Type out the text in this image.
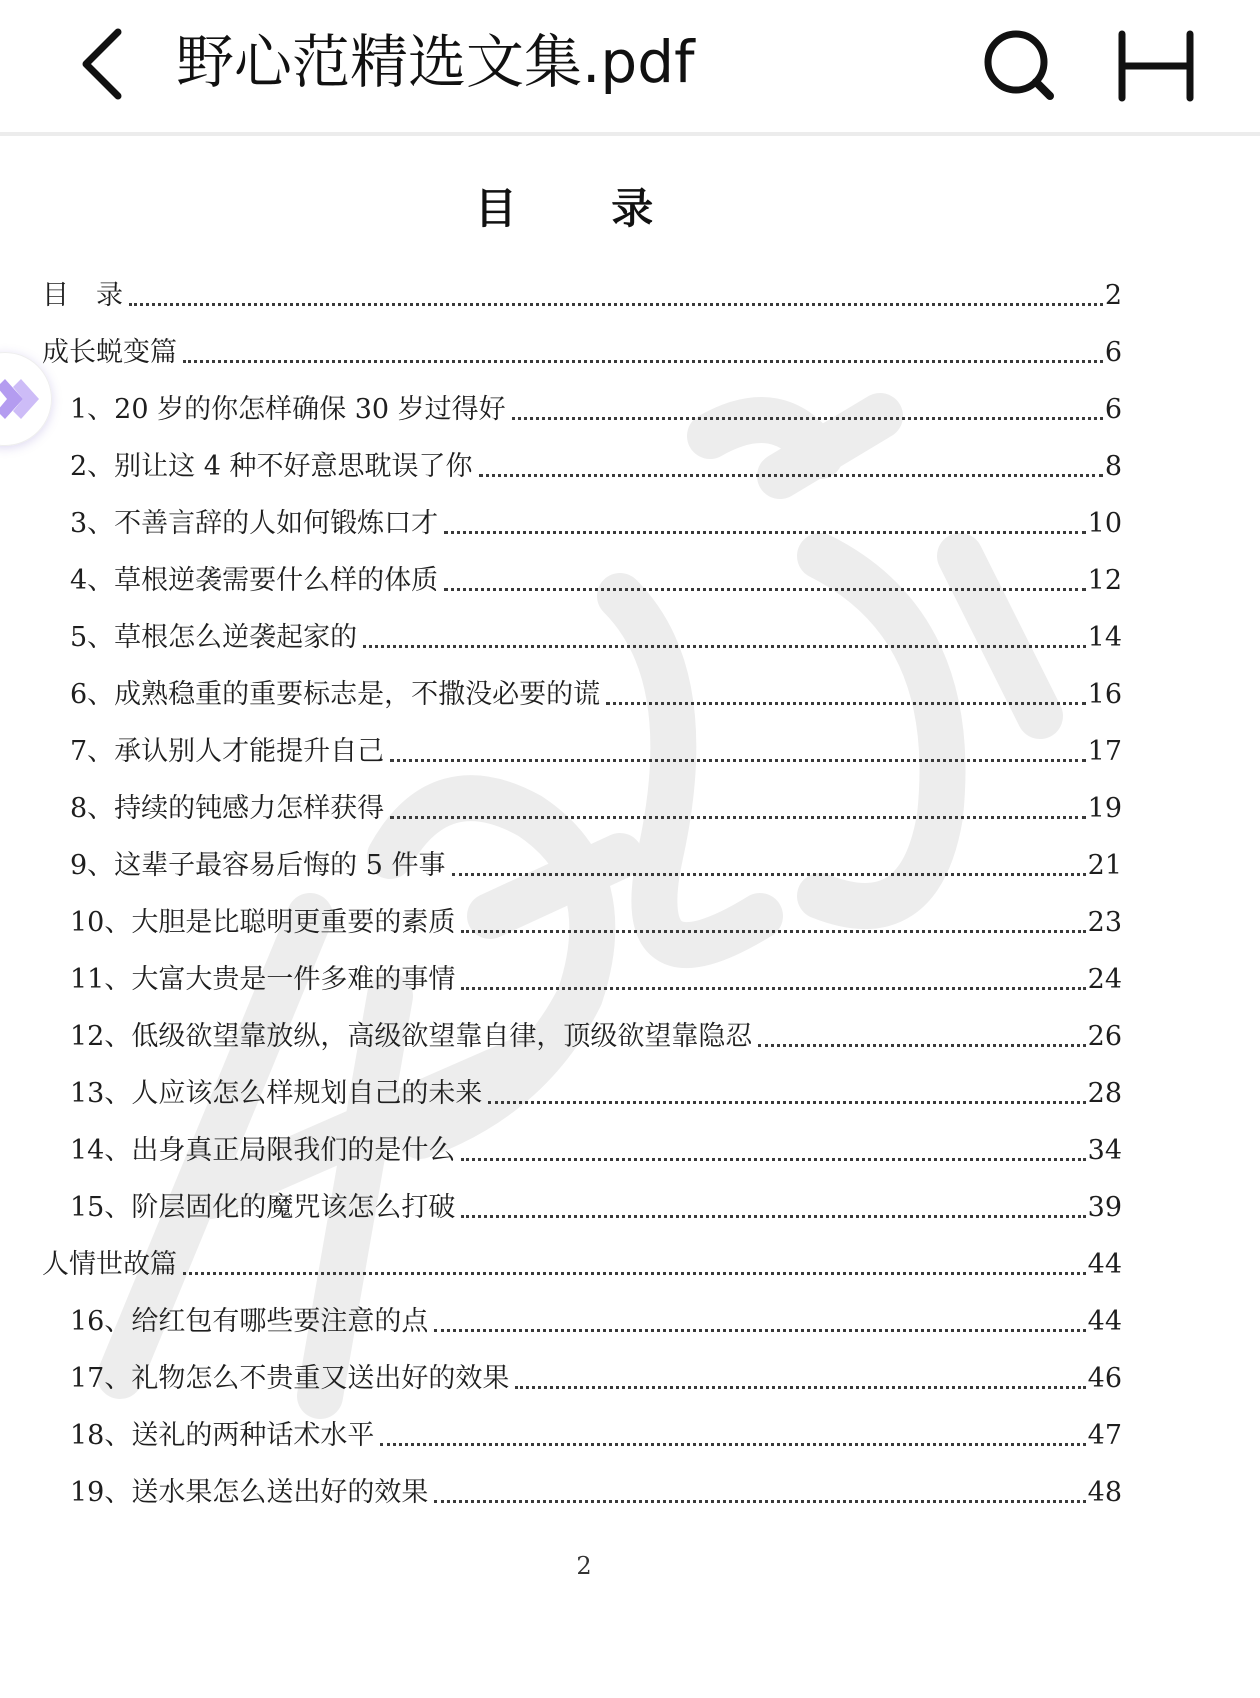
野心范精选文集.pdf
目 录
目　录	2
成长蜕变篇	6
1、20 岁的你怎样确保 30 岁过得好	6
2、别让这 4 种不好意思耽误了你	8
3、不善言辞的人如何锻炼口才	10
4、草根逆袭需要什么样的体质	12
5、草根怎么逆袭起家的	14
6、成熟稳重的重要标志是，不撒没必要的谎	16
7、承认别人才能提升自己	17
8、持续的钝感力怎样获得	19
9、这辈子最容易后悔的 5 件事	21
10、大胆是比聪明更重要的素质	23
11、大富大贵是一件多难的事情	24
12、低级欲望靠放纵，高级欲望靠自律，顶级欲望靠隐忍	26
13、人应该怎么样规划自己的未来	28
14、出身真正局限我们的是什么	34
15、阶层固化的魔咒该怎么打破	39
人情世故篇	44
16、给红包有哪些要注意的点	44
17、礼物怎么不贵重又送出好的效果	46
18、送礼的两种话术水平	47
19、送水果怎么送出好的效果	48
2
